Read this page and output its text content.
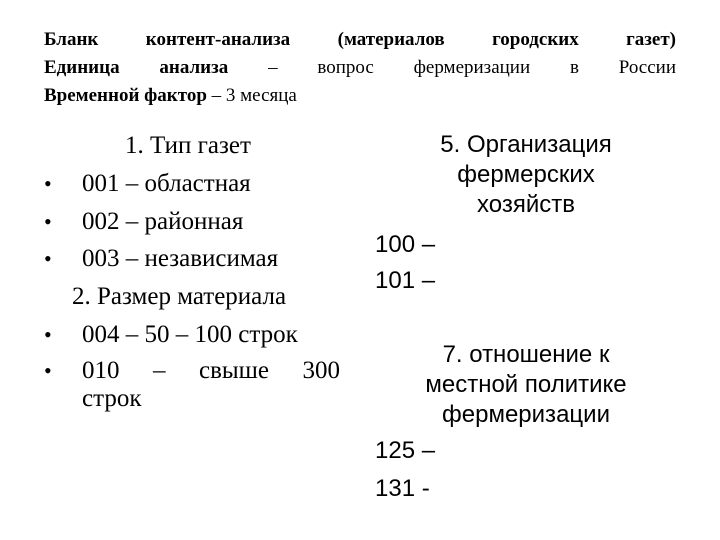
Бланк контент-анализа (материалов городских газет)
Единица анализа – вопрос фермеризации в России
Временной фактор – 3 месяца
1. Тип газет
• 001 – областная
• 002 – районная
• 003 – независимая
2. Размер материала
• 004 – 50 – 100 строк
• 010 – свыше 300
строк
5. Организация
фермерских
хозяйств
100 –
101 –
7. отношение к
местной политике
фермеризации
125 –
131 -
